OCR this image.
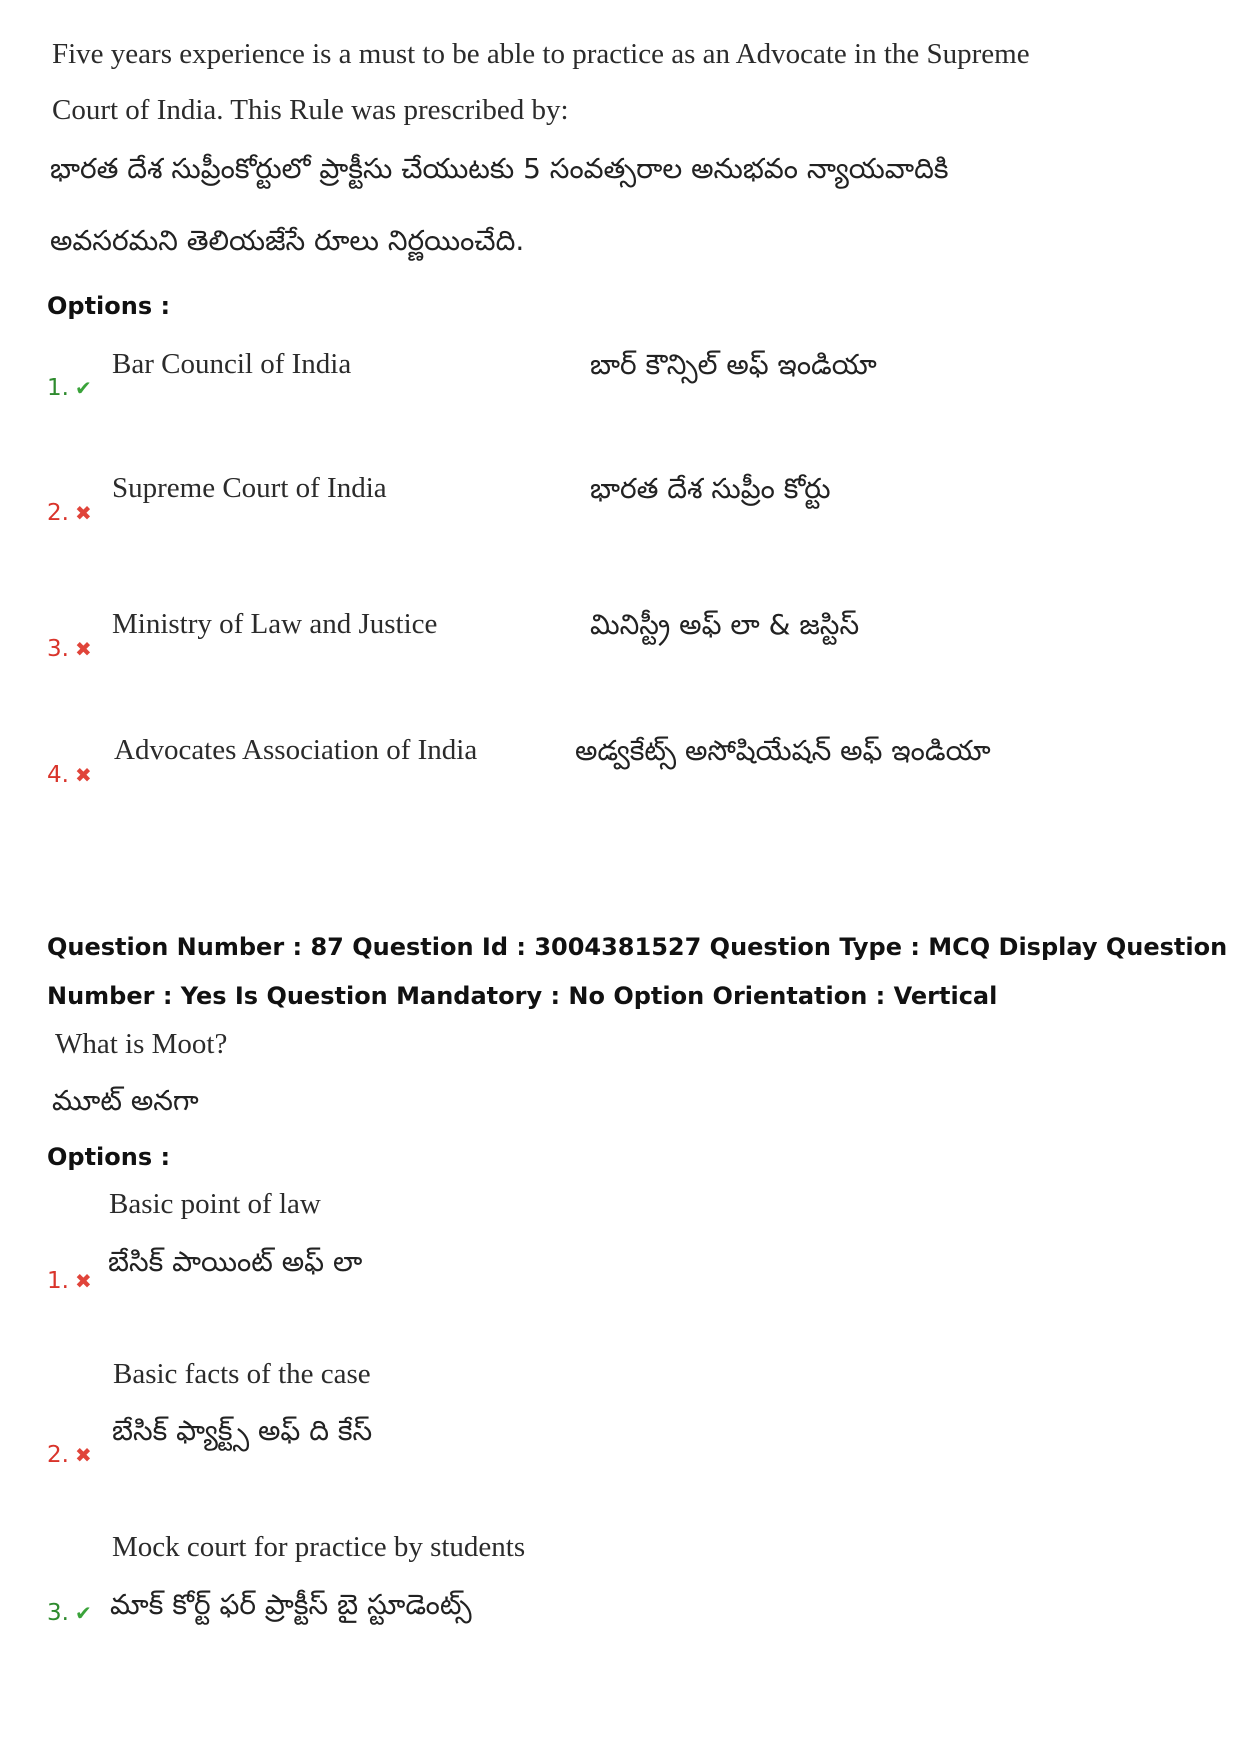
Five years experience is a must to be able to practice as an Advocate in the Supreme
Court of India. This Rule was prescribed by:
భారత దేశ సుప్రీంకోర్టులో ప్రాక్టీసు చేయుటకు 5 సంవత్సరాల అనుభవం న్యాయవాదికి
అవసరమని తెలియజేసే రూలు నిర్ణయించేది.
Options :
1. ✔
Bar Council of India	బార్ కౌన్సిల్ అఫ్ ఇండియా
2. ✖
Supreme Court of India	భారత దేశ సుప్రీం కోర్టు
3. ✖
Ministry of Law and Justice	మినిస్ట్రీ అఫ్ లా & జస్టిస్
4. ✖
Advocates Association of India	అడ్వకేట్స్ అసోషియేషన్ అఫ్ ఇండియా
Question Number : 87 Question Id : 3004381527 Question Type : MCQ Display Question
Number : Yes Is Question Mandatory : No Option Orientation : Vertical
What is Moot?
మూట్ అనగా
Options :
1. ✖
Basic point of law
బేసిక్ పాయింట్ అఫ్ లా
2. ✖
Basic facts of the case
బేసిక్ ఫ్యాక్ట్స్ అఫ్ ది కేస్
3. ✔
Mock court for practice by students
మాక్ కోర్ట్ ఫర్ ప్రాక్టీస్ బై స్టూడెంట్స్
